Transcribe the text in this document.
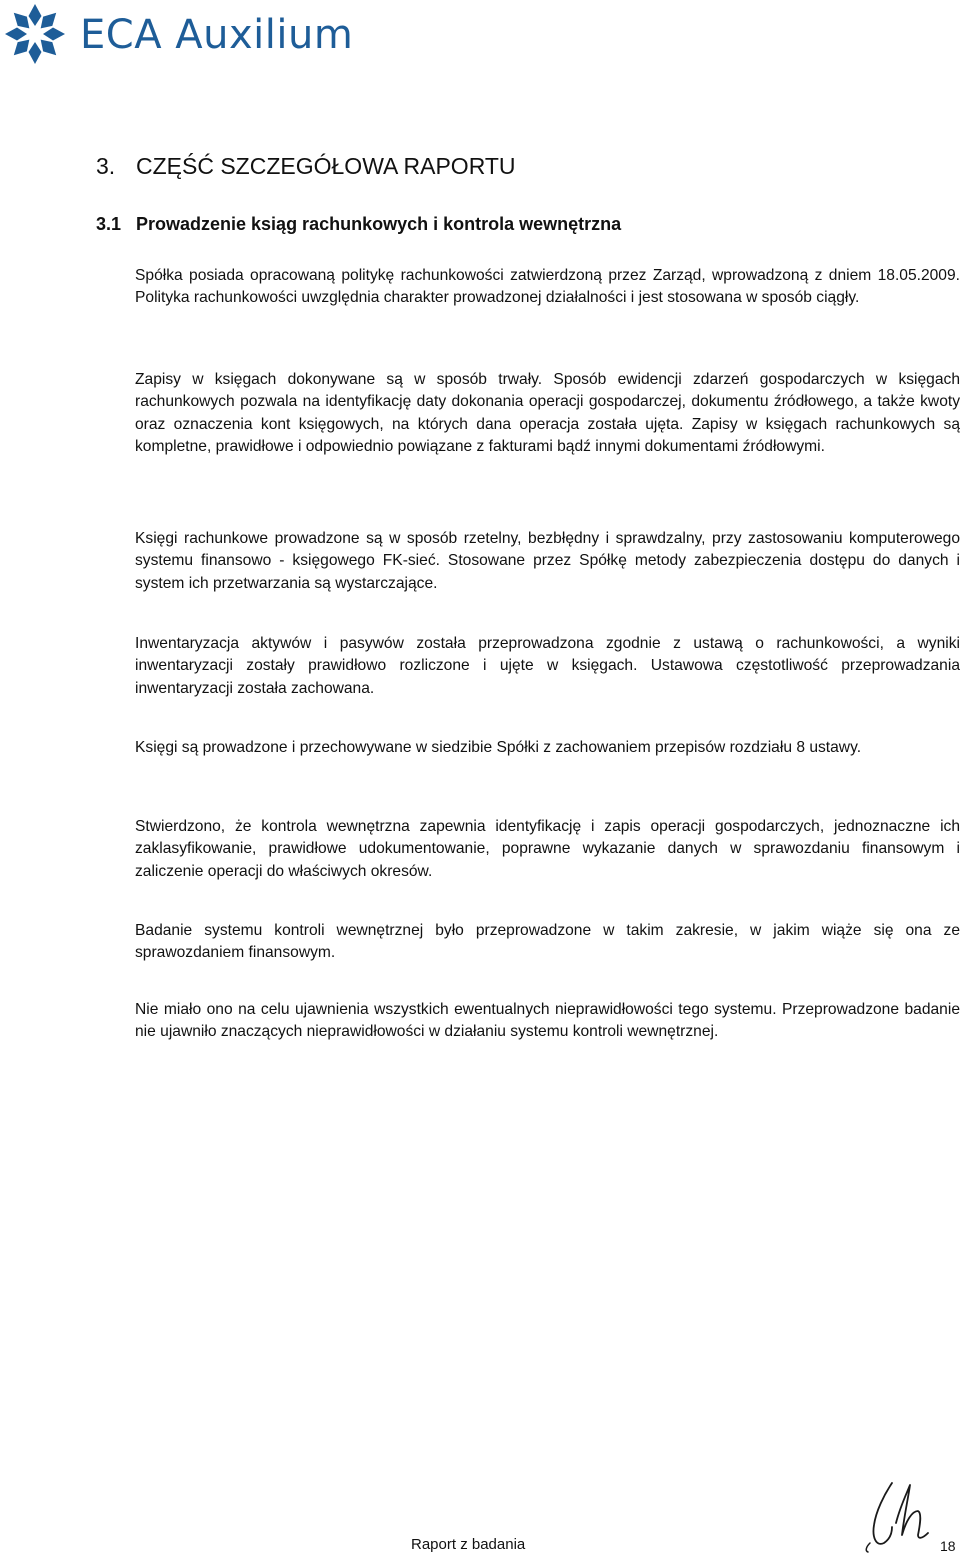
ECA Auxilium
3. CZĘŚĆ SZCZEGÓŁOWA RAPORTU
3.1 Prowadzenie ksiąg rachunkowych i kontrola wewnętrzna

Spółka posiada opracowaną politykę rachunkowości zatwierdzoną przez Zarząd, wprowadzoną z dniem 18.05.2009. Polityka rachunkowości uwzględnia charakter prowadzonej działalności i jest stosowana w sposób ciągły.

Zapisy w księgach dokonywane są w sposób trwały. Sposób ewidencji zdarzeń gospodarczych w księgach rachunkowych pozwala na identyfikację daty dokonania operacji gospodarczej, dokumentu źródłowego, a także kwoty oraz oznaczenia kont księgowych, na których dana operacja została ujęta. Zapisy w księgach rachunkowych są kompletne, prawidłowe i odpowiednio powiązane z fakturami bądź innymi dokumentami źródłowymi.

Księgi rachunkowe prowadzone są w sposób rzetelny, bezbłędny i sprawdzalny, przy zastosowaniu komputerowego systemu finansowo - księgowego FK-sieć. Stosowane przez Spółkę metody zabezpieczenia dostępu do danych i system ich przetwarzania są wystarczające.

Inwentaryzacja aktywów i pasywów została przeprowadzona zgodnie z ustawą o rachunkowości, a wyniki inwentaryzacji zostały prawidłowo rozliczone i ujęte w księgach. Ustawowa częstotliwość przeprowadzania inwentaryzacji została zachowana.

Księgi są prowadzone i przechowywane w siedzibie Spółki z zachowaniem przepisów rozdziału 8 ustawy.

Stwierdzono, że kontrola wewnętrzna zapewnia identyfikację i zapis operacji gospodarczych, jednoznaczne ich zaklasyfikowanie, prawidłowe udokumentowanie, poprawne wykazanie danych w sprawozdaniu finansowym i zaliczenie operacji do właściwych okresów.

Badanie systemu kontroli wewnętrznej było przeprowadzone w takim zakresie, w jakim wiąże się ona ze sprawozdaniem finansowym.

Nie miało ono na celu ujawnienia wszystkich ewentualnych nieprawidłowości tego systemu. Przeprowadzone badanie nie ujawniło znaczących nieprawidłowości w działaniu systemu kontroli wewnętrznej.

Raport z badania	18
